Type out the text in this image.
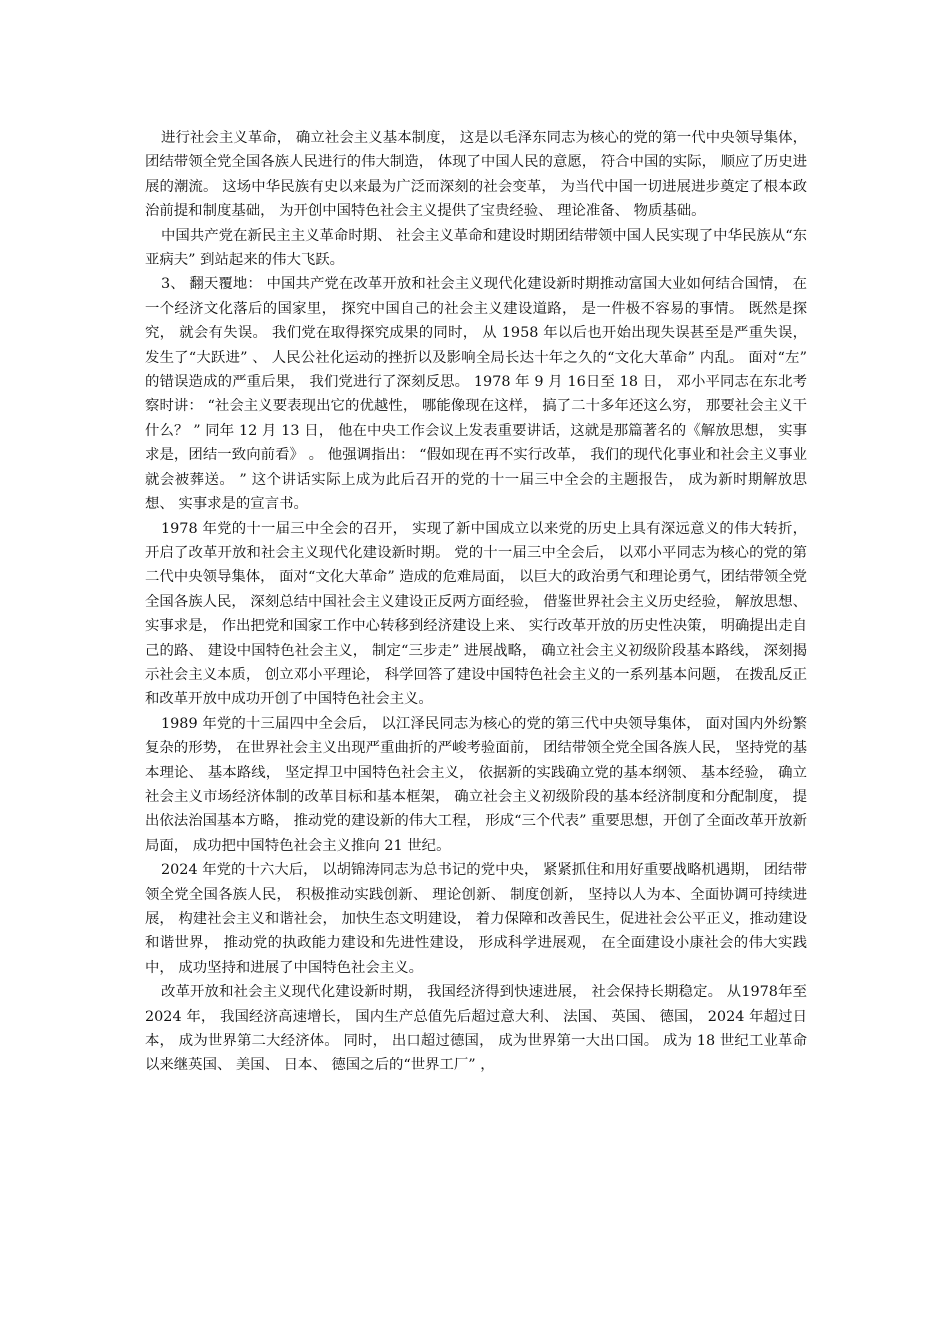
进行社会主义革命， 确立社会主义基本制度， 这是以毛泽东同志为核心的党的第一代中央领导集体， 团结带领全党全国各族人民进行的伟大制造， 体现了中国人民的意愿， 符合中国的实际， 顺应了历史进展的潮流。 这场中华民族有史以来最为广泛而深刻的社会变革， 为当代中国一切进展进步奠定了根本政治前提和制度基础， 为开创中国特色社会主义提供了宝贵经验、 理论准备、 物质基础。

中国共产党在新民主主义革命时期、 社会主义革命和建设时期团结带领中国人民实现了中华民族从“东亚病夫” 到站起来的伟大飞跃。

3、 翻天覆地： 中国共产党在改革开放和社会主义现代化建设新时期推动富国大业如何结合国情， 在一个经济文化落后的国家里， 探究中国自己的社会主义建设道路， 是一件极不容易的事情。 既然是探究， 就会有失误。 我们党在取得探究成果的同时， 从 1958 年以后也开始出现失误甚至是严重失误， 发生了“大跃进” 、 人民公社化运动的挫折以及影响全局长达十年之久的“文化大革命” 内乱。 面对“左” 的错误造成的严重后果， 我们党进行了深刻反思。 1978 年 9 月 16日至 18 日， 邓小平同志在东北考察时讲： “社会主义要表现出它的优越性， 哪能像现在这样， 搞了二十多年还这么穷， 那要社会主义干什么？ ” 同年 12 月 13 日， 他在中央工作会议上发表重要讲话，这就是那篇著名的《解放思想， 实事求是，团结一致向前看》 。 他强调指出： “假如现在再不实行改革， 我们的现代化事业和社会主义事业就会被葬送。 ” 这个讲话实际上成为此后召开的党的十一届三中全会的主题报告， 成为新时期解放思想、 实事求是的宣言书。

1978 年党的十一届三中全会的召开， 实现了新中国成立以来党的历史上具有深远意义的伟大转折， 开启了改革开放和社会主义现代化建设新时期。 党的十一届三中全会后， 以邓小平同志为核心的党的第二代中央领导集体， 面对“文化大革命” 造成的危难局面， 以巨大的政治勇气和理论勇气，团结带领全党全国各族人民， 深刻总结中国社会主义建设正反两方面经验， 借鉴世界社会主义历史经验， 解放思想、 实事求是， 作出把党和国家工作中心转移到经济建设上来、 实行改革开放的历史性决策， 明确提出走自己的路、 建设中国特色社会主义， 制定“三步走” 进展战略， 确立社会主义初级阶段基本路线， 深刻揭示社会主义本质， 创立邓小平理论， 科学回答了建设中国特色社会主义的一系列基本问题， 在拨乱反正和改革开放中成功开创了中国特色社会主义。

1989 年党的十三届四中全会后， 以江泽民同志为核心的党的第三代中央领导集体， 面对国内外纷繁复杂的形势， 在世界社会主义出现严重曲折的严峻考验面前， 团结带领全党全国各族人民， 坚持党的基本理论、 基本路线， 坚定捍卫中国特色社会主义， 依据新的实践确立党的基本纲领、 基本经验， 确立社会主义市场经济体制的改革目标和基本框架， 确立社会主义初级阶段的基本经济制度和分配制度， 提出依法治国基本方略， 推动党的建设新的伟大工程， 形成“三个代表” 重要思想，开创了全面改革开放新局面， 成功把中国特色社会主义推向 21 世纪。

2024 年党的十六大后， 以胡锦涛同志为总书记的党中央， 紧紧抓住和用好重要战略机遇期， 团结带领全党全国各族人民， 积极推动实践创新、 理论创新、 制度创新， 坚持以人为本、全面协调可持续进展， 构建社会主义和谐社会， 加快生态文明建设， 着力保障和改善民生，促进社会公平正义，推动建设和谐世界， 推动党的执政能力建设和先进性建设， 形成科学进展观， 在全面建设小康社会的伟大实践中， 成功坚持和进展了中国特色社会主义。

改革开放和社会主义现代化建设新时期， 我国经济得到快速进展， 社会保持长期稳定。 从1978年至 2024 年， 我国经济高速增长， 国内生产总值先后超过意大利、 法国、 英国、 德国， 2024 年超过日本， 成为世界第二大经济体。 同时， 出口超过德国， 成为世界第一大出口国。 成为 18 世纪工业革命以来继英国、 美国、 日本、 德国之后的“世界工厂” ，
